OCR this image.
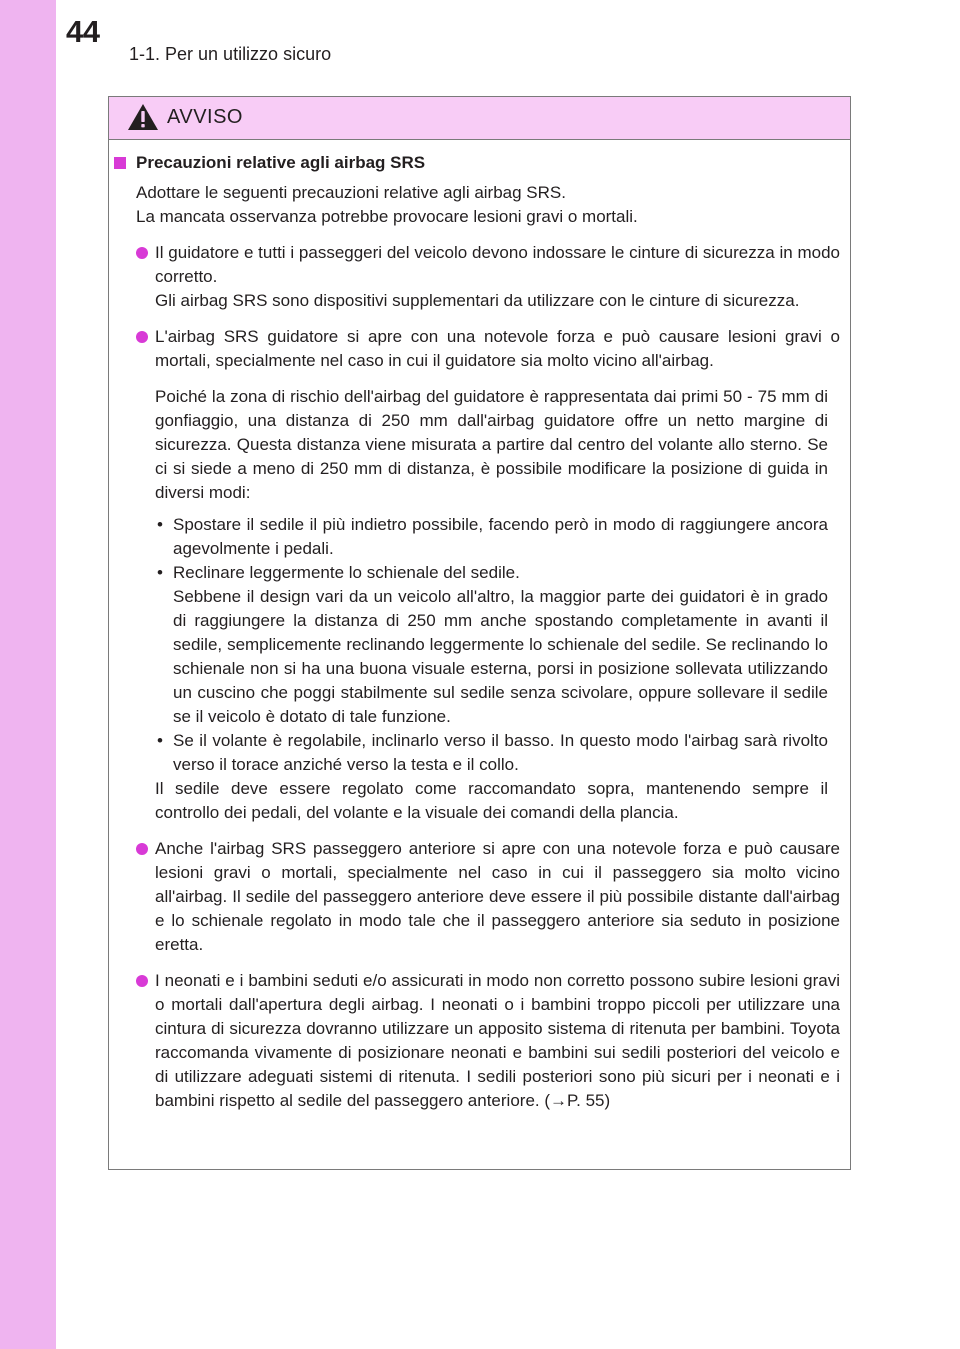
44
1-1. Per un utilizzo sicuro
AVVISO
Precauzioni relative agli airbag SRS

Adottare le seguenti precauzioni relative agli airbag SRS.

La mancata osservanza potrebbe provocare lesioni gravi o mortali.

Il guidatore e tutti i passeggeri del veicolo devono indossare le cinture di sicurezza in modo corretto.

Gli airbag SRS sono dispositivi supplementari da utilizzare con le cinture di sicurezza.

L'airbag SRS guidatore si apre con una notevole forza e può causare lesioni gravi o mortali, specialmente nel caso in cui il guidatore sia molto vicino all'airbag.

Poiché la zona di rischio dell'airbag del guidatore è rappresentata dai primi 50 - 75 mm di gonfiaggio, una distanza di 250 mm dall'airbag guidatore offre un netto margine di sicurezza. Questa distanza viene misurata a partire dal centro del volante allo sterno. Se ci si siede a meno di 250 mm di distanza, è possibile modificare la posizione di guida in diversi modi:

• Spostare il sedile il più indietro possibile, facendo però in modo di raggiungere ancora agevolmente i pedali.

• Reclinare leggermente lo schienale del sedile.

Sebbene il design vari da un veicolo all'altro, la maggior parte dei guidatori è in grado di raggiungere la distanza di 250 mm anche spostando completamente in avanti il sedile, semplicemente reclinando leggermente lo schienale del sedile. Se reclinando lo schienale non si ha una buona visuale esterna, porsi in posizione sollevata utilizzando un cuscino che poggi stabilmente sul sedile senza scivolare, oppure sollevare il sedile se il veicolo è dotato di tale funzione.

• Se il volante è regolabile, inclinarlo verso il basso. In questo modo l'airbag sarà rivolto verso il torace anziché verso la testa e il collo.

Il sedile deve essere regolato come raccomandato sopra, mantenendo sempre il controllo dei pedali, del volante e la visuale dei comandi della plancia.

Anche l'airbag SRS passeggero anteriore si apre con una notevole forza e può causare lesioni gravi o mortali, specialmente nel caso in cui il passeggero sia molto vicino all'airbag. Il sedile del passeggero anteriore deve essere il più possibile distante dall'airbag e lo schienale regolato in modo tale che il passeggero anteriore sia seduto in posizione eretta.

I neonati e i bambini seduti e/o assicurati in modo non corretto possono subire lesioni gravi o mortali dall'apertura degli airbag. I neonati o i bambini troppo piccoli per utilizzare una cintura di sicurezza dovranno utilizzare un apposito sistema di ritenuta per bambini. Toyota raccomanda vivamente di posizionare neonati e bambini sui sedili posteriori del veicolo e di utilizzare adeguati sistemi di ritenuta. I sedili posteriori sono più sicuri per i neonati e i bambini rispetto al sedile del passeggero anteriore. (→P. 55)
